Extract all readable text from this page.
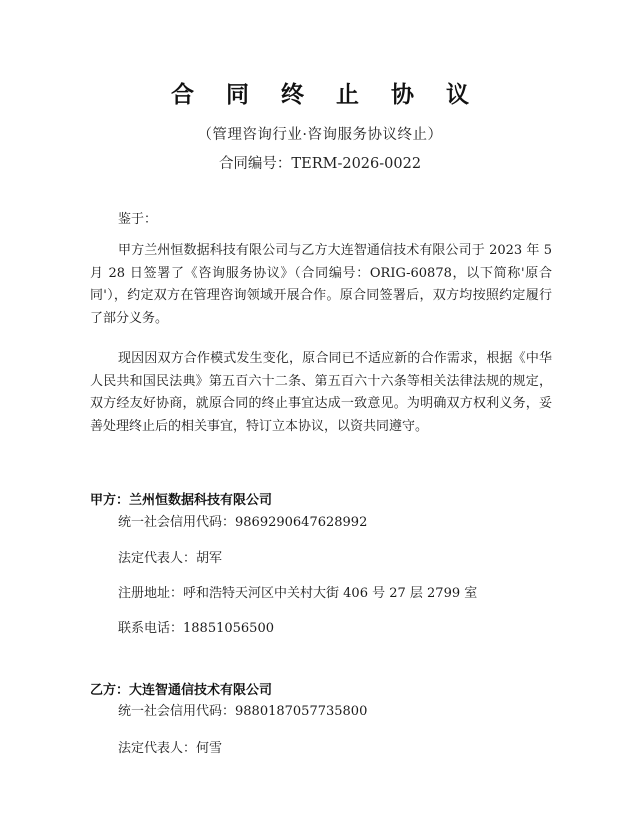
合 同 终 止 协 议
（管理咨询行业·咨询服务协议终止）
合同编号：TERM-2026-0022
鉴于：
甲方兰州恒数据科技有限公司与乙方大连智通信技术有限公司于 2023 年 5 月 28 日签署了《咨询服务协议》（合同编号：ORIG-60878，以下简称'原合同'），约定双方在管理咨询领域开展合作。原合同签署后，双方均按照约定履行了部分义务。
现因因双方合作模式发生变化，原合同已不适应新的合作需求，根据《中华人民共和国民法典》第五百六十二条、第五百六十六条等相关法律法规的规定，双方经友好协商，就原合同的终止事宜达成一致意见。为明确双方权利义务，妥善处理终止后的相关事宜，特订立本协议，以资共同遵守。
甲方：兰州恒数据科技有限公司
统一社会信用代码：9869290647628992
法定代表人：胡军
注册地址：呼和浩特天河区中关村大街 406 号 27 层 2799 室
联系电话：18851056500
乙方：大连智通信技术有限公司
统一社会信用代码：9880187057735800
法定代表人：何雪
